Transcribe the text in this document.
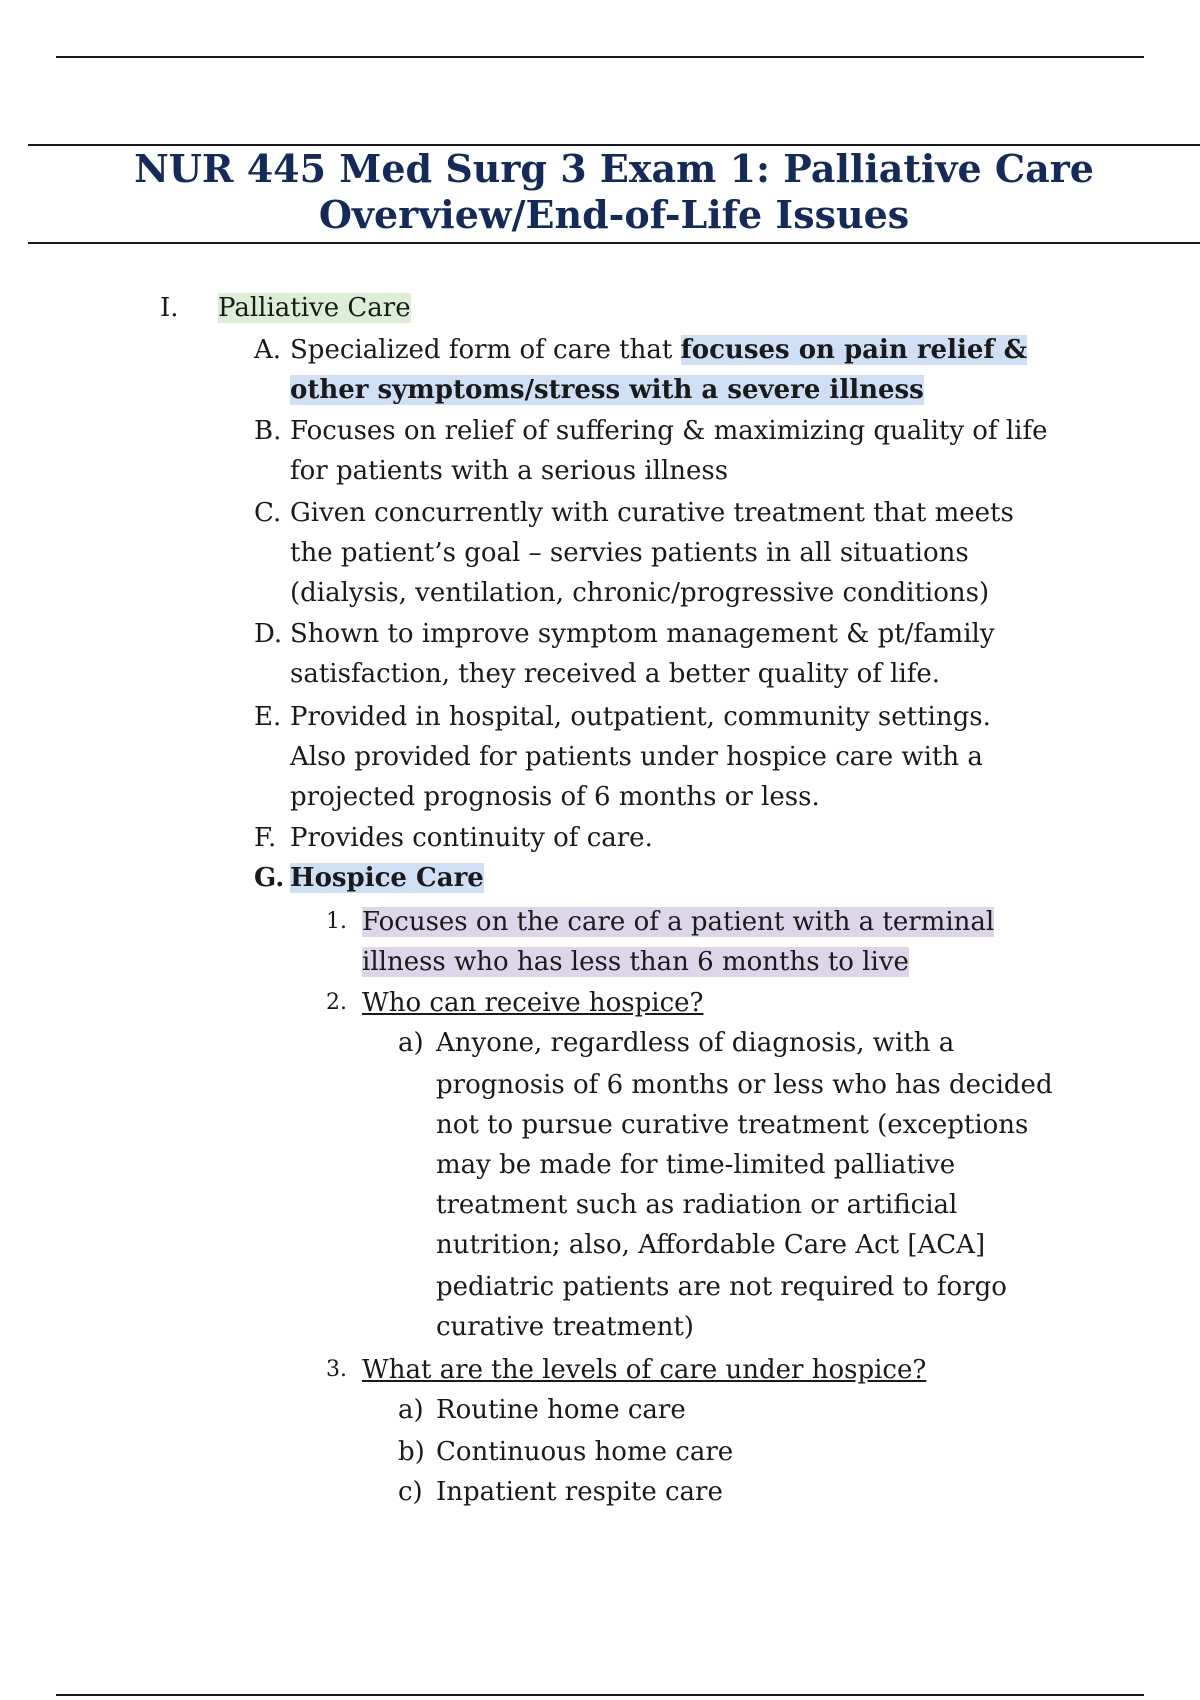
NUR 445 Med Surg 3 Exam 1: Palliative Care
Overview/End-of-Life Issues
I. Palliative Care
A. Specialized form of care that focuses on pain relief &
other symptoms/stress with a severe illness
B. Focuses on relief of suffering & maximizing quality of life
for patients with a serious illness
C. Given concurrently with curative treatment that meets
the patient’s goal – servies patients in all situations
(dialysis, ventilation, chronic/progressive conditions)
D. Shown to improve symptom management & pt/family
satisfaction, they received a better quality of life.
E. Provided in hospital, outpatient, community settings.
Also provided for patients under hospice care with a
projected prognosis of 6 months or less.
F. Provides continuity of care.
G. Hospice Care
1. Focuses on the care of a patient with a terminal
illness who has less than 6 months to live
2. Who can receive hospice?
a) Anyone, regardless of diagnosis, with a
prognosis of 6 months or less who has decided
not to pursue curative treatment (exceptions
may be made for time-limited palliative
treatment such as radiation or artificial
nutrition; also, Affordable Care Act [ACA]
pediatric patients are not required to forgo
curative treatment)
3. What are the levels of care under hospice?
a) Routine home care
b) Continuous home care
c) Inpatient respite care
